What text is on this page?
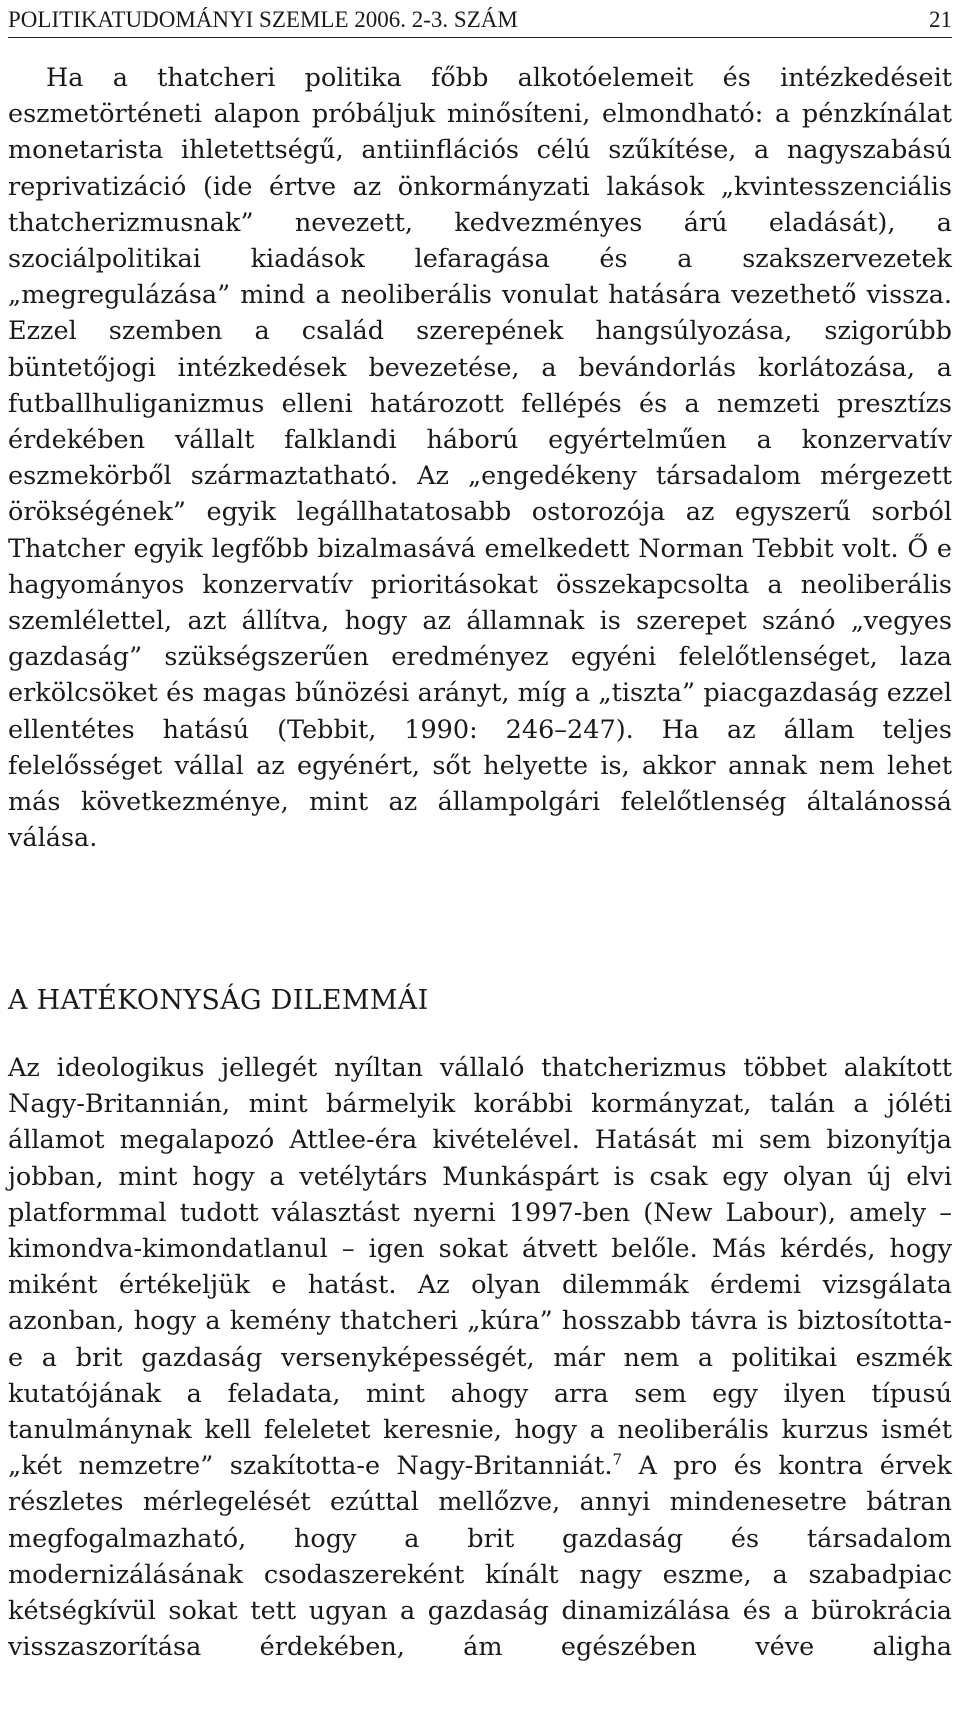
POLITIKATUDOMÁNYI SZEMLE 2006. 2-3. SZÁM	21

Ha a thatcheri politika főbb alkotóelemeit és intézkedéseit eszmetörténeti alapon próbáljuk minősíteni, elmondható: a pénzkínálat monetarista ihletettségű, antiinflációs célú szűkítése, a nagyszabású reprivatizáció (ide értve az önkormányzati lakások „kvintesszenciális thatcherizmusnak” nevezett, kedvezményes árú eladását), a szociálpolitikai kiadások lefaragása és a szakszervezetek „megregulázása” mind a neoliberális vonulat hatására vezethető vissza. Ezzel szemben a család szerepének hangsúlyozása, szigorúbb büntetőjogi intézkedések bevezetése, a bevándorlás korlátozása, a futballhuliganizmus elleni határozott fellépés és a nemzeti presztízs érdekében vállalt falklandi háború egyértelműen a konzervatív eszmekörből származtatható. Az „engedékeny társadalom mérgezett örökségének” egyik legállhatatosabb ostorozója az egyszerű sorból Thatcher egyik legfőbb bizalmasává emelkedett Norman Tebbit volt. Ő e hagyományos konzervatív prioritásokat összekapcsolta a neoliberális szemlélettel, azt állítva, hogy az államnak is szerepet szánó „vegyes gazdaság” szükségszerűen eredményez egyéni felelőtlenséget, laza erkölcsöket és magas bűnözési arányt, míg a „tiszta” piacgazdaság ezzel ellentétes hatású (Tebbit, 1990: 246–247). Ha az állam teljes felelősséget vállal az egyénért, sőt helyette is, akkor annak nem lehet más következménye, mint az állampolgári felelőtlenség általánossá válása.

A HATÉKONYSÁG DILEMMÁI

Az ideologikus jellegét nyíltan vállaló thatcherizmus többet alakított Nagy-Britannián, mint bármelyik korábbi kormányzat, talán a jóléti államot megalapozó Attlee-éra kivételével. Hatását mi sem bizonyítja jobban, mint hogy a vetélytárs Munkáspárt is csak egy olyan új elvi platformmal tudott választást nyerni 1997-ben (New Labour), amely – kimondva-kimondatlanul – igen sokat átvett belőle. Más kérdés, hogy miként értékeljük e hatást. Az olyan dilemmák érdemi vizsgálata azonban, hogy a kemény thatcheri „kúra” hosszabb távra is biztosította-e a brit gazdaság versenyképességét, már nem a politikai eszmék kutatójának a feladata, mint ahogy arra sem egy ilyen típusú tanulmánynak kell feleletet keresnie, hogy a neoliberális kurzus ismét „két nemzetre” szakította-e Nagy-Britanniát.$^7$ A pro és kontra érvek részletes mérlegelését ezúttal mellőzve, annyi mindenesetre bátran megfogalmazható, hogy a brit gazdaság és társadalom modernizálásának csodaszereként kínált nagy eszme, a szabadpiac kétségkívül sokat tett ugyan a gazdaság dinamizálása és a bürokrácia visszaszorítása érdekében, ám egészében véve aligha
